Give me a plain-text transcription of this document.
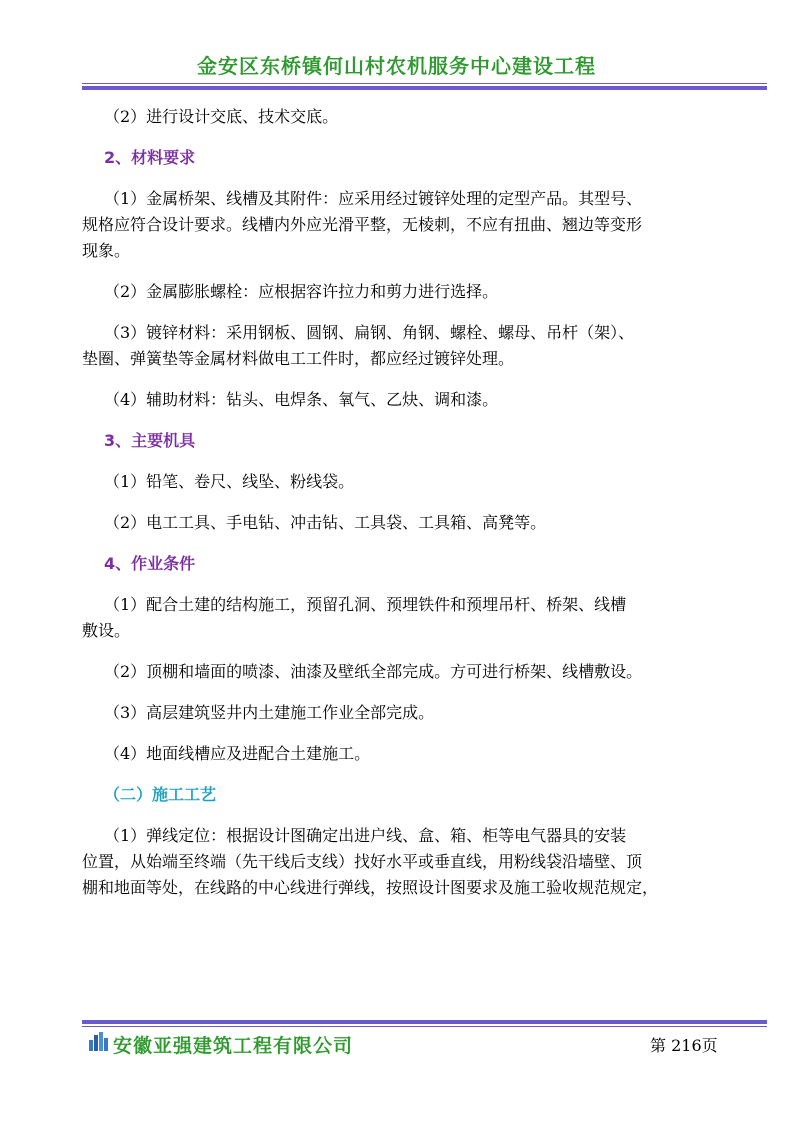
金安区东桥镇何山村农机服务中心建设工程

（2）进行设计交底、技术交底。

2、材料要求

（1）金属桥架、线槽及其附件：应采用经过镀锌处理的定型产品。其型号、
规格应符合设计要求。线槽内外应光滑平整，无棱刺，不应有扭曲、翘边等变形
现象。

（2）金属膨胀螺栓：应根据容许拉力和剪力进行选择。

（3）镀锌材料：采用钢板、圆钢、扁钢、角钢、螺栓、螺母、吊杆（架）、
垫圈、弹簧垫等金属材料做电工工件时，都应经过镀锌处理。

（4）辅助材料：钻头、电焊条、氧气、乙炔、调和漆。

3、主要机具

（1）铅笔、卷尺、线坠、粉线袋。

（2）电工工具、手电钻、冲击钻、工具袋、工具箱、高凳等。

4、作业条件

（1）配合土建的结构施工，预留孔洞、预埋铁件和预埋吊杆、桥架、线槽
敷设。

（2）顶棚和墙面的喷漆、油漆及壁纸全部完成。方可进行桥架、线槽敷设。

（3）高层建筑竖井内土建施工作业全部完成。

（4）地面线槽应及进配合土建施工。

（二）施工工艺

（1）弹线定位：根据设计图确定出进户线、盒、箱、柜等电气器具的安装
位置，从始端至终端（先干线后支线）找好水平或垂直线，用粉线袋沿墙壁、顶
棚和地面等处，在线路的中心线进行弹线，按照设计图要求及施工验收规范规定，

安徽亚强建筑工程有限公司	第 216页
